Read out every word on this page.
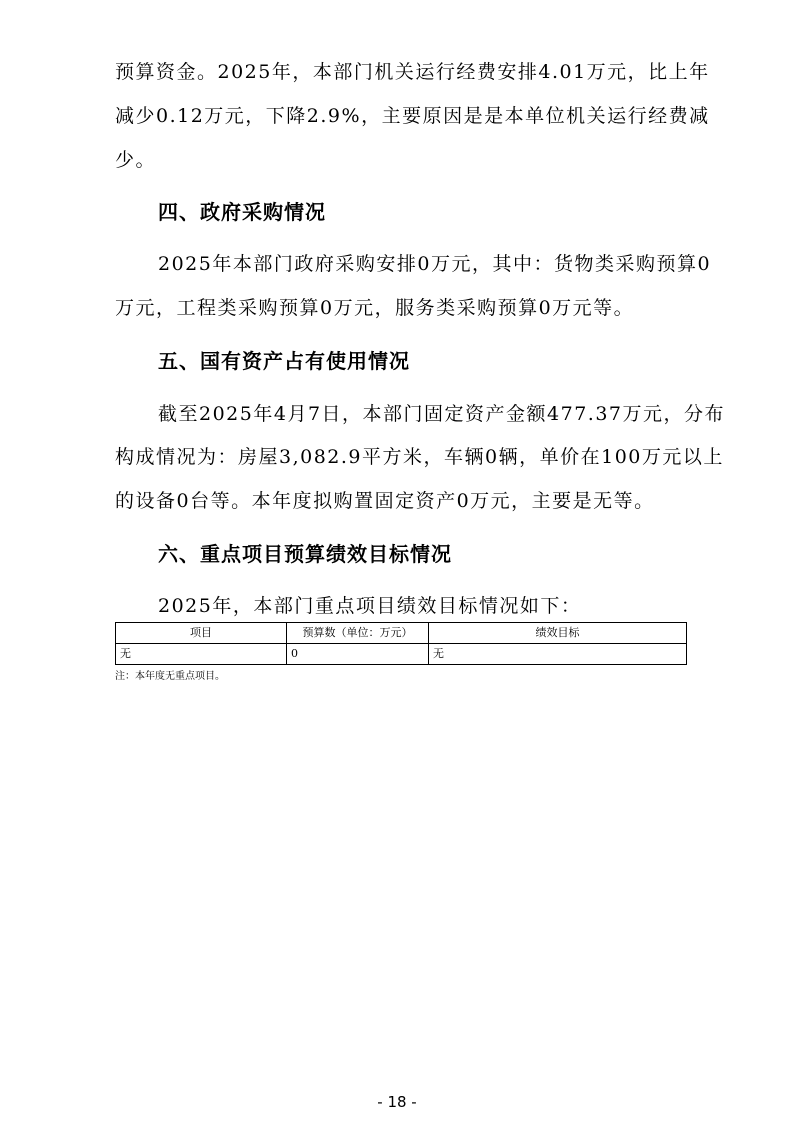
预算资金。2025年，本部门机关运行经费安排4.01万元，比上年
减少0.12万元，下降2.9%，主要原因是是本单位机关运行经费减
少。
四、政府采购情况
2025年本部门政府采购安排0万元，其中：货物类采购预算0
万元，工程类采购预算0万元，服务类采购预算0万元等。
五、国有资产占有使用情况
截至2025年4月7日，本部门固定资产金额477.37万元，分布
构成情况为：房屋3,082.9平方米，车辆0辆，单价在100万元以上
的设备0台等。本年度拟购置固定资产0万元，主要是无等。
六、重点项目预算绩效目标情况
2025年，本部门重点项目绩效目标情况如下：
项目	预算数（单位：万元）	绩效目标
无	0	无
注：本年度无重点项目。
- 18 -
